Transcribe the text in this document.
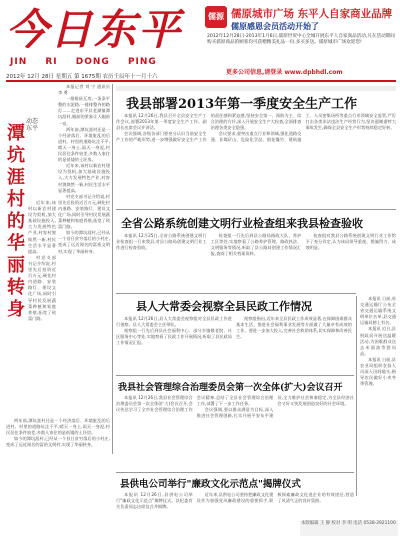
今日东平
JIN RI DONG PING
2012年 12月 28日 星期五 第 1675期 农历壬辰年十一月十六
儒源 儒原城市广场 东平人自家商业品牌
儒原感恩会员活动开始了
2012年12月28日-2013年1月6日,儒原世贸中心全城开展东平人自家商品活动,凡在活动期间购买儒原商品的顾客均可获赠精美礼品一份,多买多送。儒原城市广场欢迎您!
更多公司信息,请登录 www.dpbhdl.com

本报记者 刘 宁 通讯员 李 勇

一排排砖瓦房,一条条平整的水泥路,一排排整齐的路灯……走进东平县老湖镇潭坑涯村,眼前的景象让人眼前一亮。

两年前,潭坑涯村还是一个经济落后、环境脏乱的后进村。村里的道路坑洼不平,晴天一身土,雨天一身泥,村民居住条件较差,多数人家住的是低矮的土坯房。

近年来,该村以新农村建设为契机,加大基础设施投入,大力发展特色产业,村容村貌焕然一新,村民生活水平显著提高。

村党支部书记介绍说,村里先后投资近百万元,硬化村内道路、安装路灯、建设文化广场,同时引导村民发展蔬菜种植和家庭养殖,拓宽了致富门路。

如今的潭坑涯村,已经从一个昔日贫穷落后的小村庄,变成了远近闻名的富裕文明村,实现了华丽转身。

近年来,该村以新农村建设为契机,加大基础设施投入,大力发展特色产业,村容村貌焕然一新,村民生活水平显著提高。

村党支部书记介绍说,村里先后投资近百万元,硬化村内道路、安装路灯、建设文化广场,同时引导村民发展蔬菜种植和家庭养殖,拓宽了致富门路。

动态东平
潭坑涯村的华丽转身

两年前,潭坑涯村还是一个经济落后、环境脏乱的后进村。村里的道路坑洼不平,晴天一身土,雨天一身泥,村民居住条件较差,多数人家住的是低矮的土坯房。

如今的潭坑涯村,已经从一个昔日贫穷落后的小村庄,变成了远近闻名的富裕文明村,实现了华丽转身。

我县部署2013年第一季度安全生产工作

本报讯 12月26日,我县召开全县安全生产工作会议,部署2013年第一季度安全生产工作。副县长出席会议并讲话。

会议强调,各级各部门要充分认识当前安全生产工作的严峻形势,进一步增强做好安全生产工作的责任感和紧迫感,坚持安全第一、预防为主、综合治理的方针,深入开展安全生产大检查,全面排查治理各类安全隐患。

会议要求,要突出重点行业和领域,强化道路交通、非煤矿山、危险化学品、烟花爆竹、建筑施工、人员密集场所等重点行业领域安全监管,严厉打击各类非法违法生产经营行为,坚决遏制重特大事故发生,确保全县安全生产形势持续稳定好转。

全省公路系统创建文明行业检查组来我县检查验收

本报讯 12月25日,全省公路系统创建文明行业检查组一行来我县,对县公路局创建文明行业工作进行检查验收。

检查组一行先后到县公路局路政大队、养护工区等处,实地察看了公路养护管理、路政执法、文明服务等情况,听取了县公路局创建工作情况汇报,查阅了相关档案资料。

检查组对我县公路系统创建文明行业工作给予了充分肯定,认为该局领导重视、措施得力、成效明显。

县人大常委会视察全县民政工作情况

本报讯 12月26日,县人大常委会视察组对全县民政工作进行视察。县人大常委会主任带队。

视察组一行先后到县社会福利中心、部分乡镇敬老院、社区服务中心等处,实地察看了民政工作开展情况,听取了县民政局工作情况汇报。

视察组指出,近年来全县民政工作成效显著,在保障困难群众基本生活、推进社会福利事业发展等方面做了大量卓有成效的工作。要进一步加大投入,完善社会救助体系,切实保障和改善民生。

本报讯 日前,省交通运输厅公布全省交通运输系统文明单位名单,县交通运输局榜上有名。

本报讯 近日,县财政局开展送温暖活动,为困难群众送去米面油等慰问品。

本报讯 日前,县农业局组织农技人员深入田间地头,指导农民做好小麦冬季管理。

我县社会管理综合治理委员会第一次全体(扩大)会议召开

本报讯 12月26日,我县社会管理综合治理委员会第一次全体(扩大)会议召开,会议传达学习了全市社会管理综合治理工作会议精神,总结了全县社会管理综合治理工作,部署了下一步工作任务。

会议强调,要以群众满意为目标,深入推进社会管理创新,扎实开展平安东平建设,全力维护社会和谐稳定,为全县经济社会又好又快发展创造良好的社会环境。

县供电公司举行"廉政文化示范点"揭牌仪式

本报讯 12月26日,县供电公司举行"廉政文化示范点"揭牌仪式。县纪委有关负责同志出席仪式并揭牌。

近年来,县供电公司坚持把廉政文化建设作为加强党风廉政建设的重要抓手,积极探索廉政文化进企业的有效途径,营造了风清气正的良好氛围。

本版编辑 王 静 校对 李 明 电话 0538-2921100
